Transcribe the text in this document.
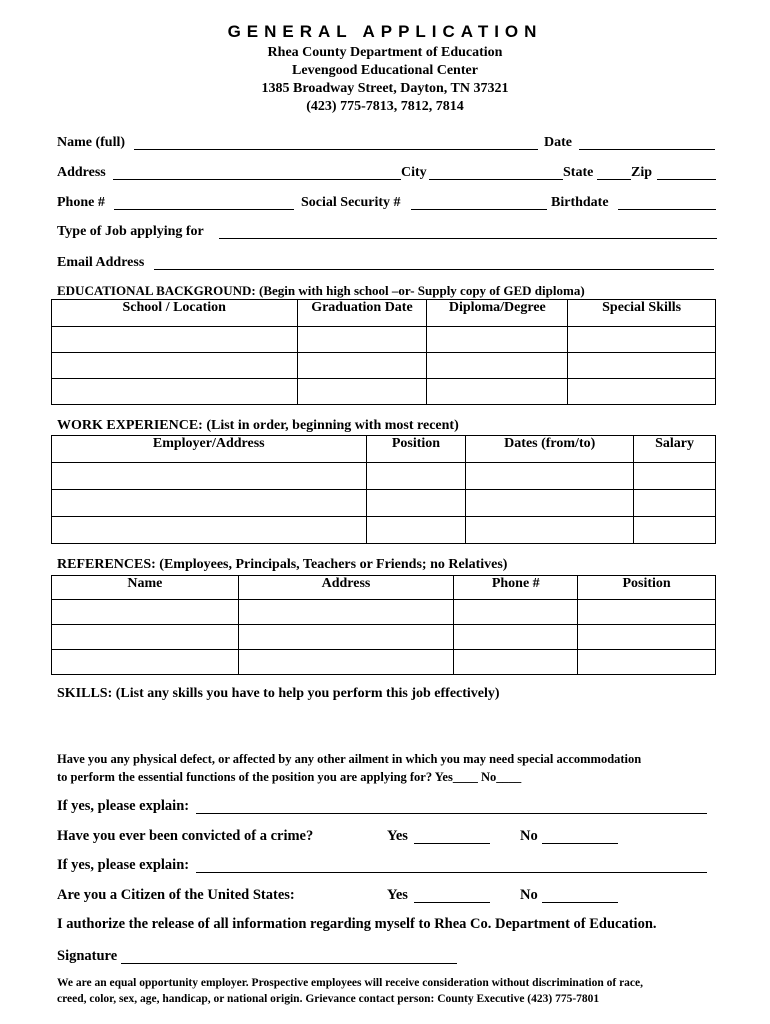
GENERAL APPLICATION
Rhea County Department of Education
Levengood Educational Center
1385 Broadway Street, Dayton, TN 37321
(423) 775-7813, 7812, 7814
Name (full)	Date
Address	City	State	Zip
Phone #	Social Security #	Birthdate
Type of Job applying for
Email Address
EDUCATIONAL BACKGROUND: (Begin with high school –or- Supply copy of GED diploma)
School / Location	Graduation Date	Diploma/Degree	Special Skills

WORK EXPERIENCE: (List in order, beginning with most recent)
Employer/Address	Position	Dates (from/to)	Salary

REFERENCES: (Employees, Principals, Teachers or Friends; no Relatives)
Name	Address	Phone #	Position

SKILLS: (List any skills you have to help you perform this job effectively)
Have you any physical defect, or affected by any other ailment in which you may need special accommodation
to perform the essential functions of the position you are applying for? Yes____ No____
If yes, please explain:
Have you ever been convicted of a crime?	Yes	No
If yes, please explain:
Are you a Citizen of the United States:	Yes	No
I authorize the release of all information regarding myself to Rhea Co. Department of Education.
Signature
We are an equal opportunity employer. Prospective employees will receive consideration without discrimination of race,
creed, color, sex, age, handicap, or national origin. Grievance contact person: County Executive (423) 775-7801
